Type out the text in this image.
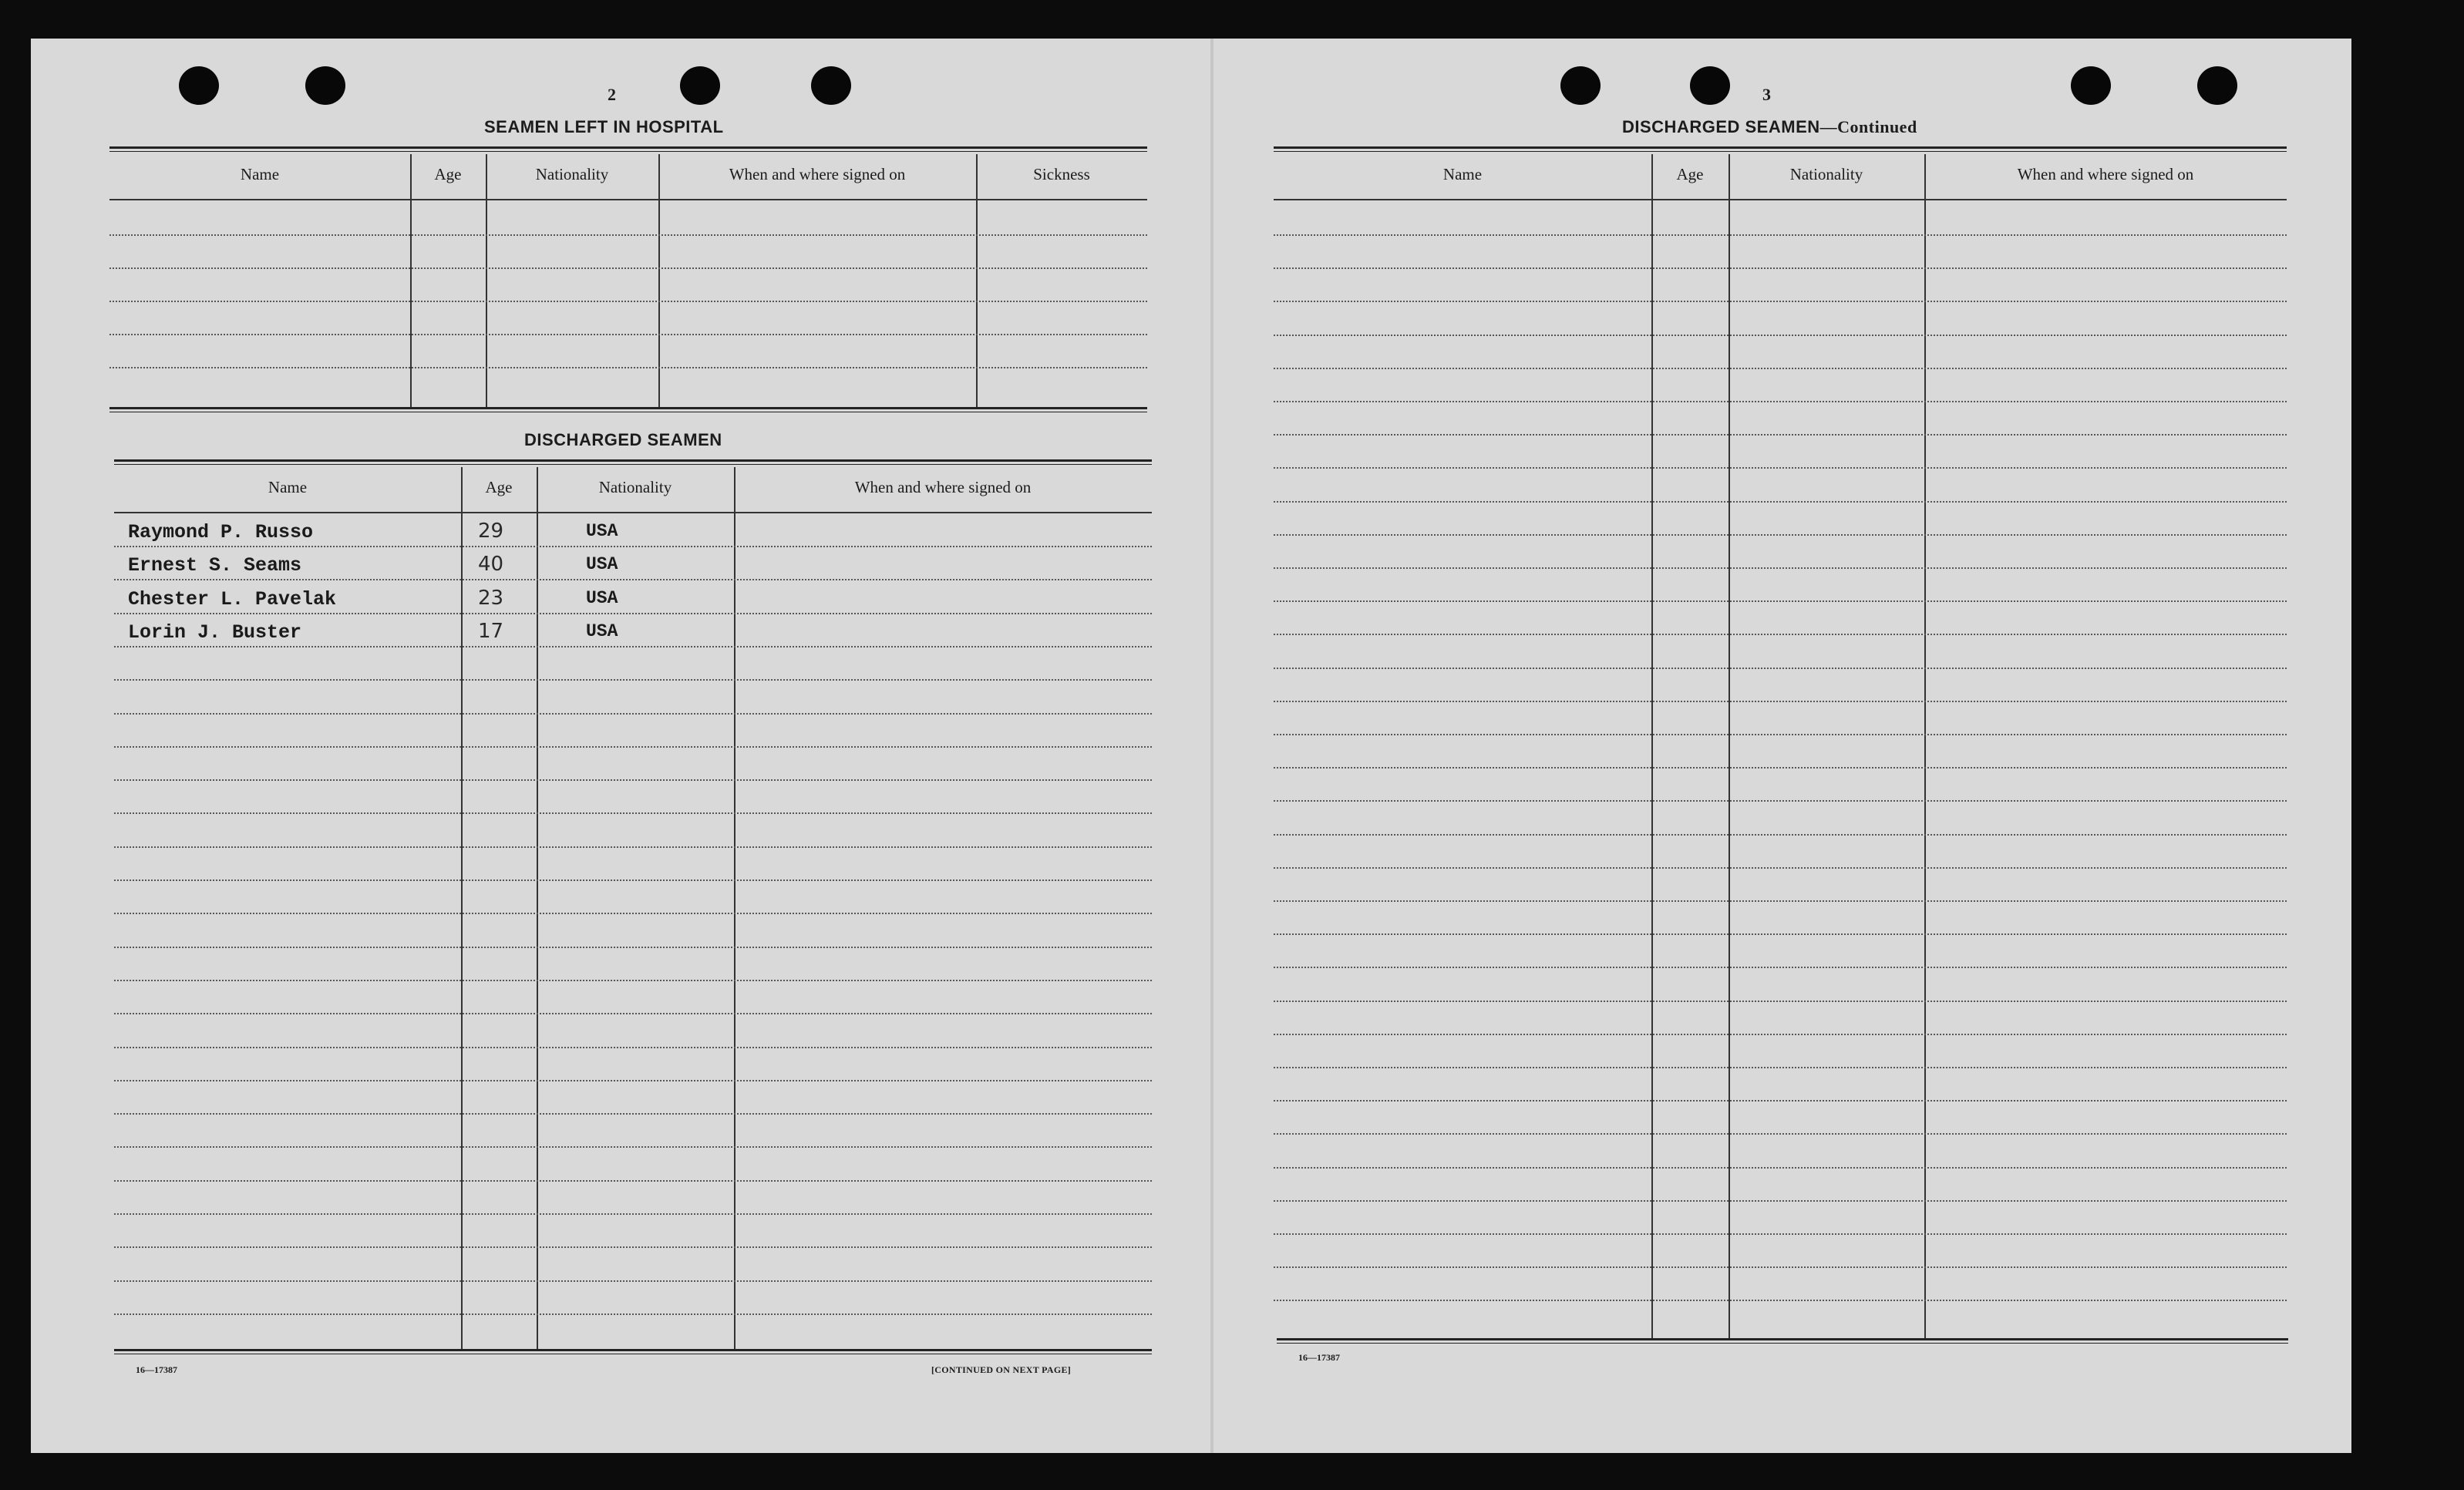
2
SEAMEN LEFT IN HOSPITAL
Name	Age	Nationality	When and where signed on	Sickness
DISCHARGED SEAMEN
Name	Age	Nationality	When and where signed on
Raymond P. Russo	29	USA
Ernest S. Seams	40	USA
Chester L. Pavelak	23	USA
Lorin J. Buster	17	USA
16—17387	[CONTINUED ON NEXT PAGE]
3
DISCHARGED SEAMEN—Continued
Name	Age	Nationality	When and where signed on
16—17387
